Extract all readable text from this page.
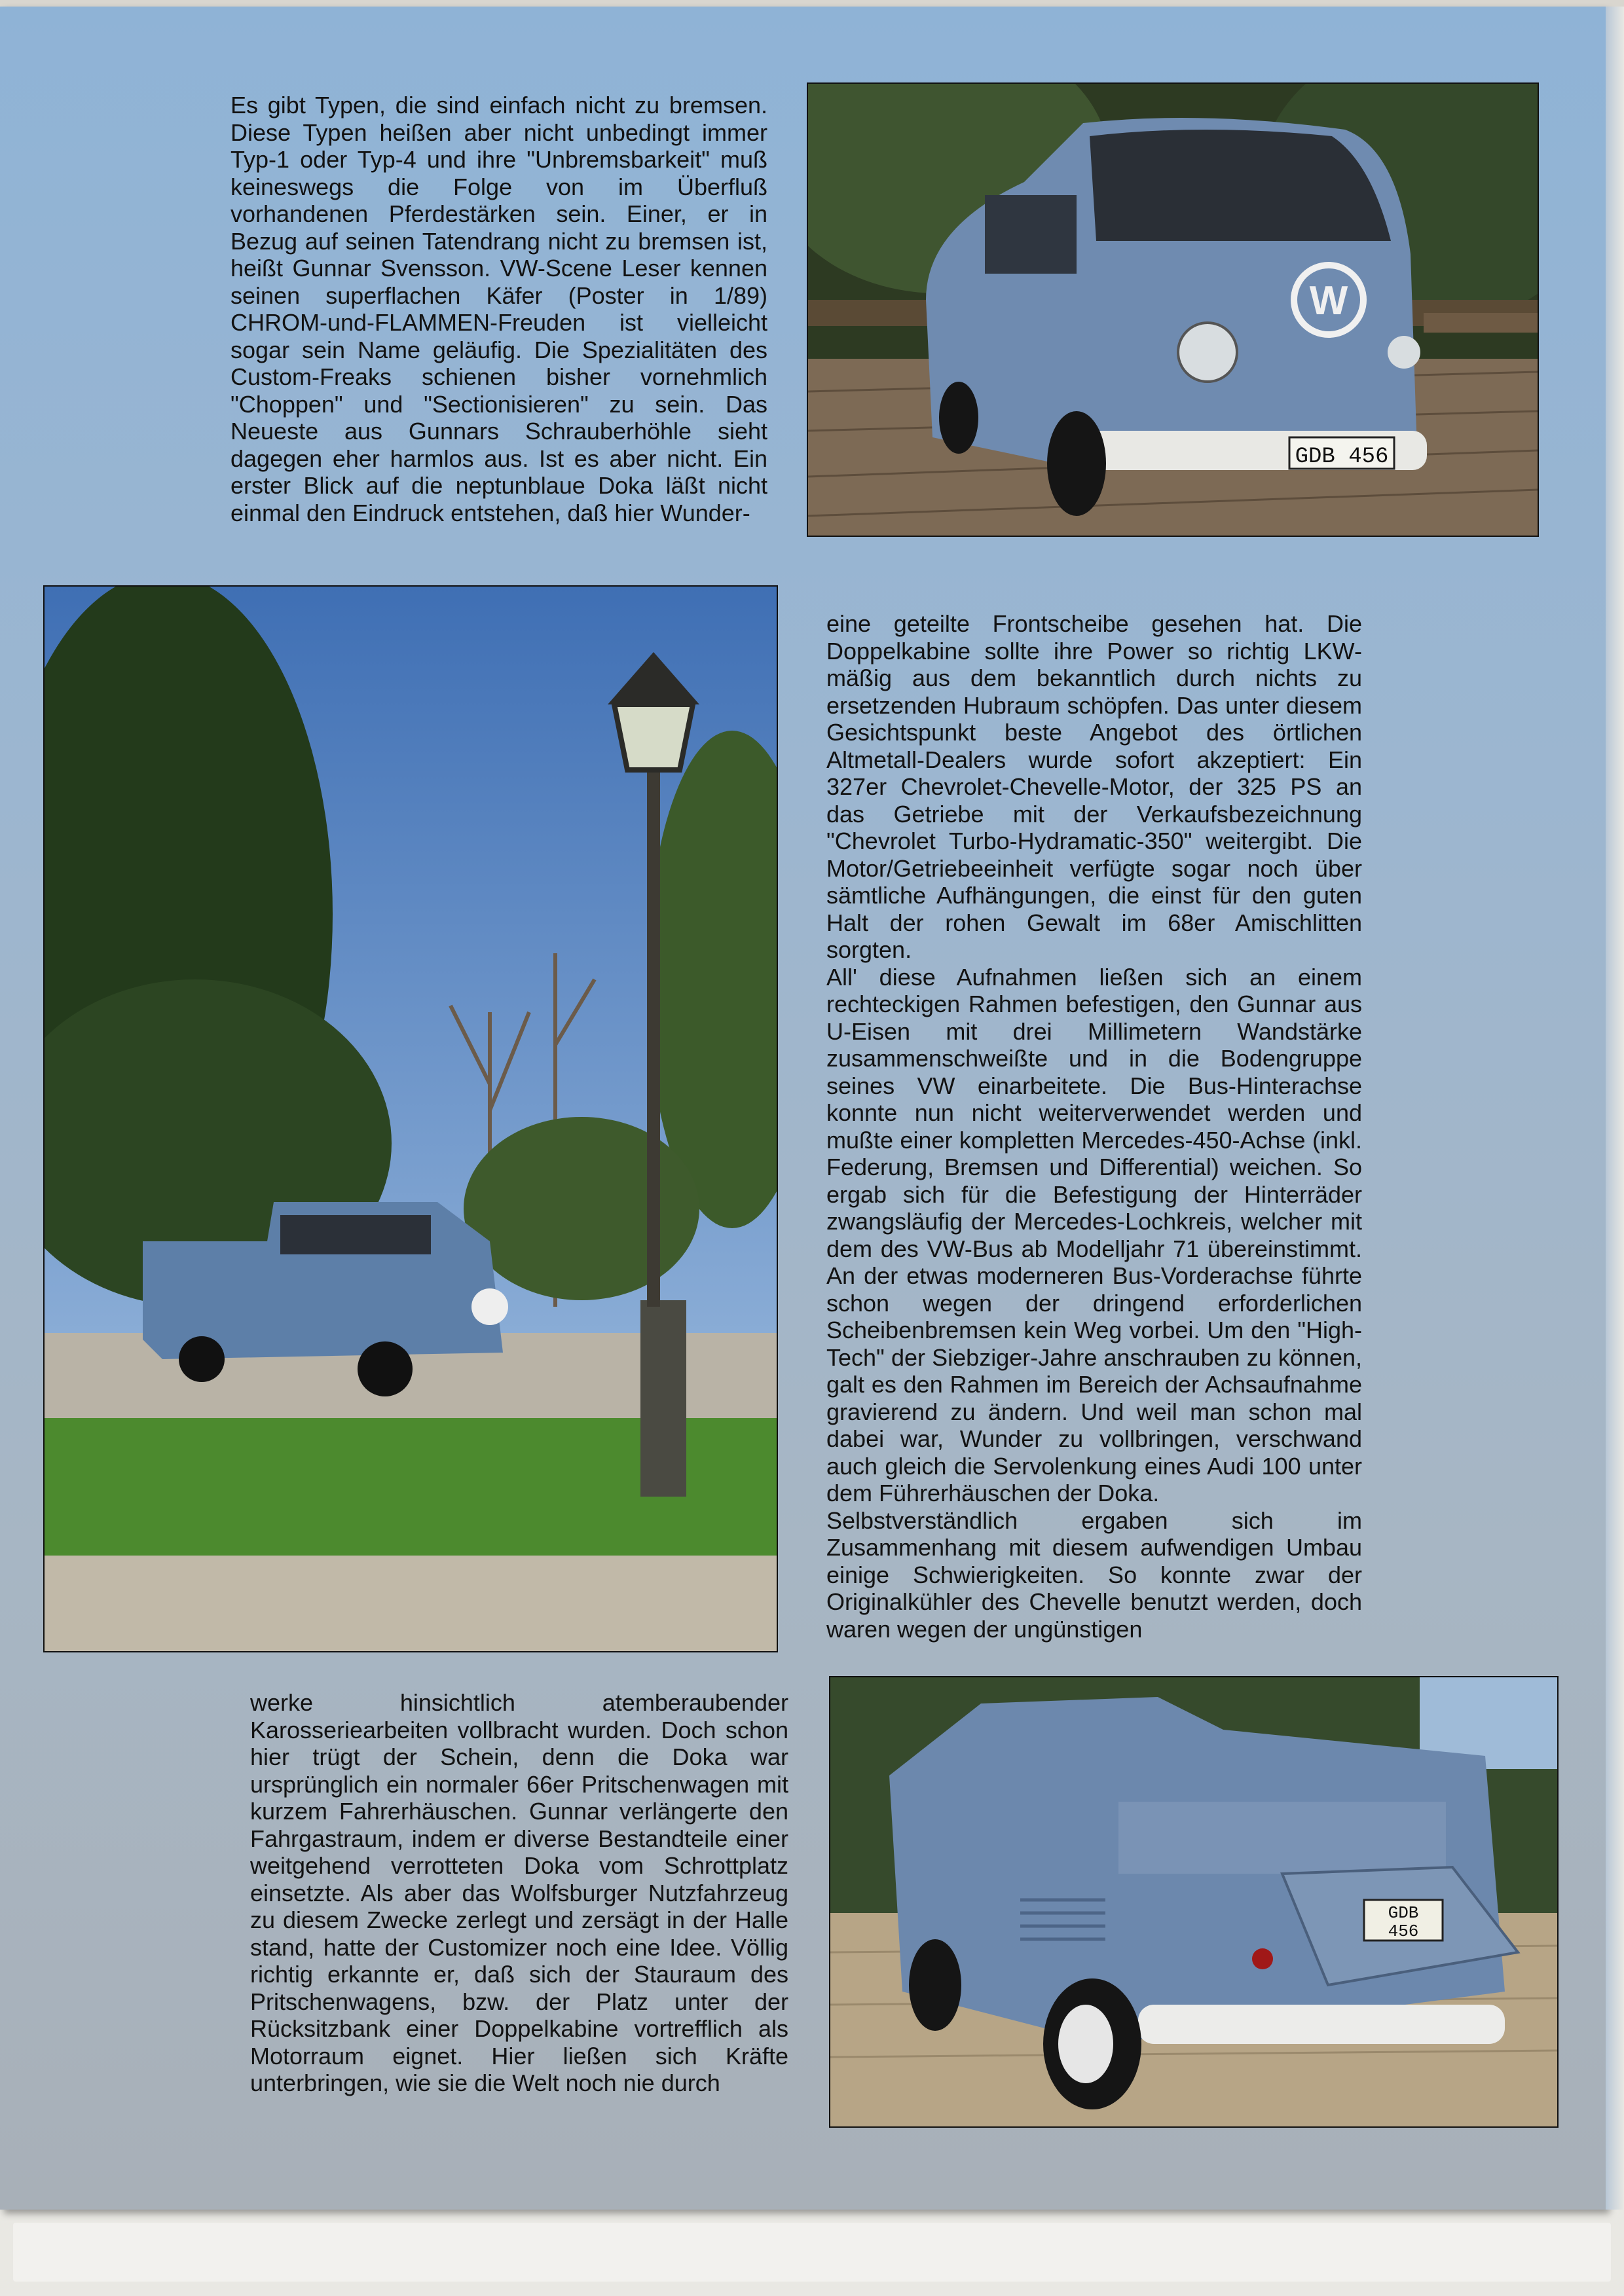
Es gibt Typen, die sind einfach nicht zu bremsen. Diese Typen heißen aber nicht unbedingt immer Typ-1 oder Typ-4 und ihre "Unbremsbarkeit" muß keineswegs die Folge von im Überfluß vorhandenen Pferdestärken sein. Einer, er in Bezug auf seinen Tatendrang nicht zu bremsen ist, heißt Gunnar Svensson. VW-Scene Leser kennen seinen superflachen Käfer (Poster in 1/89) CHROM-und-FLAMMEN-Freuden ist vielleicht sogar sein Name geläufig. Die Spezialitäten des Custom-Freaks schienen bisher vornehmlich "Choppen" und "Sectionisieren" zu sein. Das Neueste aus Gunnars Schrauberhöhle sieht dagegen eher harmlos aus. Ist es aber nicht. Ein erster Blick auf die neptunblaue Doka läßt nicht einmal den Eindruck entstehen, daß hier Wunder-

W
GDB 456

eine geteilte Frontscheibe gesehen hat. Die Doppelkabine sollte ihre Power so richtig LKW-mäßig aus dem bekanntlich durch nichts zu ersetzenden Hubraum schöpfen. Das unter diesem Gesichtspunkt beste Angebot des örtlichen Altmetall-Dealers wurde sofort akzeptiert: Ein 327er Chevrolet-Chevelle-Motor, der 325 PS an das Getriebe mit der Verkaufsbezeichnung "Chevrolet Turbo-Hydramatic-350" weitergibt. Die Motor/Getriebeeinheit verfügte sogar noch über sämtliche Aufhängungen, die einst für den guten Halt der rohen Gewalt im 68er Amischlitten sorgten.

All' diese Aufnahmen ließen sich an einem rechteckigen Rahmen befestigen, den Gunnar aus U-Eisen mit drei Millimetern Wandstärke zusammenschweißte und in die Bodengruppe seines VW einarbeitete. Die Bus-Hinterachse konnte nun nicht weiterverwendet werden und mußte einer kompletten Mercedes-450-Achse (inkl. Federung, Bremsen und Differential) weichen. So ergab sich für die Befestigung der Hinterräder zwangsläufig der Mercedes-Lochkreis, welcher mit dem des VW-Bus ab Modelljahr 71 übereinstimmt. An der etwas moderneren Bus-Vorderachse führte schon wegen der dringend erforderlichen Scheibenbremsen kein Weg vorbei. Um den "High-Tech" der Siebziger-Jahre anschrauben zu können, galt es den Rahmen im Bereich der Achsaufnahme gravierend zu ändern. Und weil man schon mal dabei war, Wunder zu vollbringen, verschwand auch gleich die Servolenkung eines Audi 100 unter dem Führerhäuschen der Doka.

Selbstverständlich ergaben sich im Zusammenhang mit diesem aufwendigen Umbau einige Schwierigkeiten. So konnte zwar der Originalkühler des Chevelle benutzt werden, doch waren wegen der ungünstigen

werke hinsichtlich atemberaubender Karosseriearbeiten vollbracht wurden. Doch schon hier trügt der Schein, denn die Doka war ursprünglich ein normaler 66er Pritschenwagen mit kurzem Fahrerhäuschen. Gunnar verlängerte den Fahrgastraum, indem er diverse Bestandteile einer weitgehend verrotteten Doka vom Schrottplatz einsetzte. Als aber das Wolfsburger Nutzfahrzeug zu diesem Zwecke zerlegt und zersägt in der Halle stand, hatte der Customizer noch eine Idee. Völlig richtig erkannte er, daß sich der Stauraum des Pritschenwagens, bzw. der Platz unter der Rücksitzbank einer Doppelkabine vortrefflich als Motorraum eignet. Hier ließen sich Kräfte unterbringen, wie sie die Welt noch nie durch

GDB
456
